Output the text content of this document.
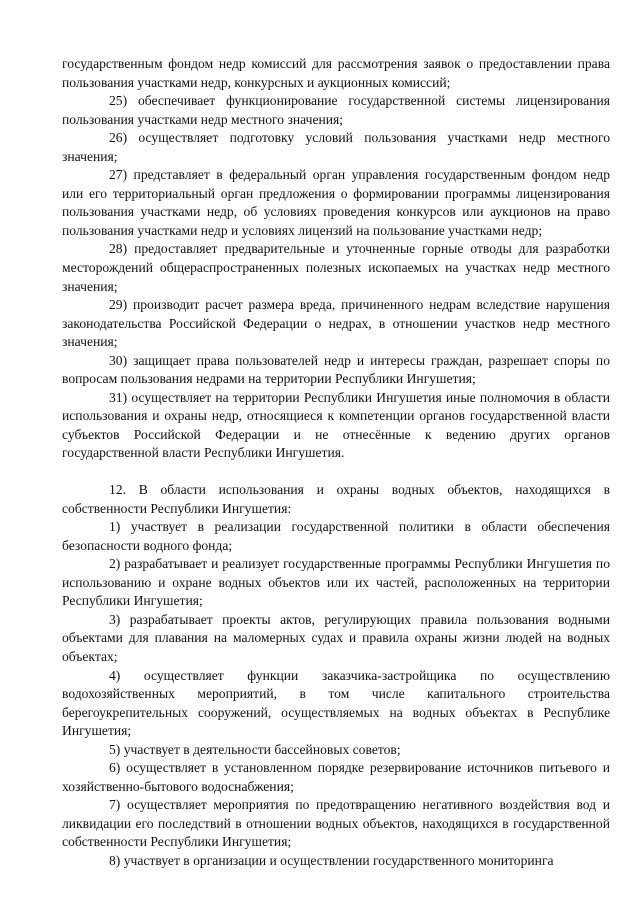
государственным фондом недр комиссий для рассмотрения заявок о предоставлении права пользования участками недр, конкурсных и аукционных комиссий;

25) обеспечивает функционирование государственной системы лицензирования пользования участками недр местного значения;

26) осуществляет подготовку условий пользования участками недр местного значения;

27) представляет в федеральный орган управления государственным фондом недр или его территориальный орган предложения о формировании программы лицензирования пользования участками недр, об условиях проведения конкурсов или аукционов на право пользования участками недр и условиях лицензий на пользование участками недр;

28) предоставляет предварительные и уточненные горные отводы для разработки месторождений общераспространенных полезных ископаемых на участках недр местного значения;

29) производит расчет размера вреда, причиненного недрам вследствие нарушения законодательства Российской Федерации о недрах, в отношении участков недр местного значения;

30) защищает права пользователей недр и интересы граждан, разрешает споры по вопросам пользования недрами на территории Республики Ингушетия;

31) осуществляет на территории Республики Ингушетия иные полномочия в области использования и охраны недр, относящиеся к компетенции органов государственной власти субъектов Российской Федерации и не отнесённые к ведению других органов государственной власти Республики Ингушетия.

12. В области использования и охраны водных объектов, находящихся в собственности Республики Ингушетия:

1) участвует в реализации государственной политики в области обеспечения безопасности водного фонда;

2) разрабатывает и реализует государственные программы Республики Ингушетия по использованию и охране водных объектов или их частей, расположенных на территории Республики Ингушетия;

3) разрабатывает проекты актов, регулирующих правила пользования водными объектами для плавания на маломерных судах и правила охраны жизни людей на водных объектах;

4) осуществляет функции заказчика-застройщика по осуществлению водохозяйственных мероприятий, в том числе капитального строительства берегоукрепительных сооружений, осуществляемых на водных объектах в Республике Ингушетия;

5) участвует в деятельности бассейновых советов;

6) осуществляет в установленном порядке резервирование источников питьевого и хозяйственно-бытового водоснабжения;

7) осуществляет мероприятия по предотвращению негативного воздействия вод и ликвидации его последствий в отношении водных объектов, находящихся в государственной собственности Республики Ингушетия;

8) участвует в организации и осуществлении государственного мониторинга
